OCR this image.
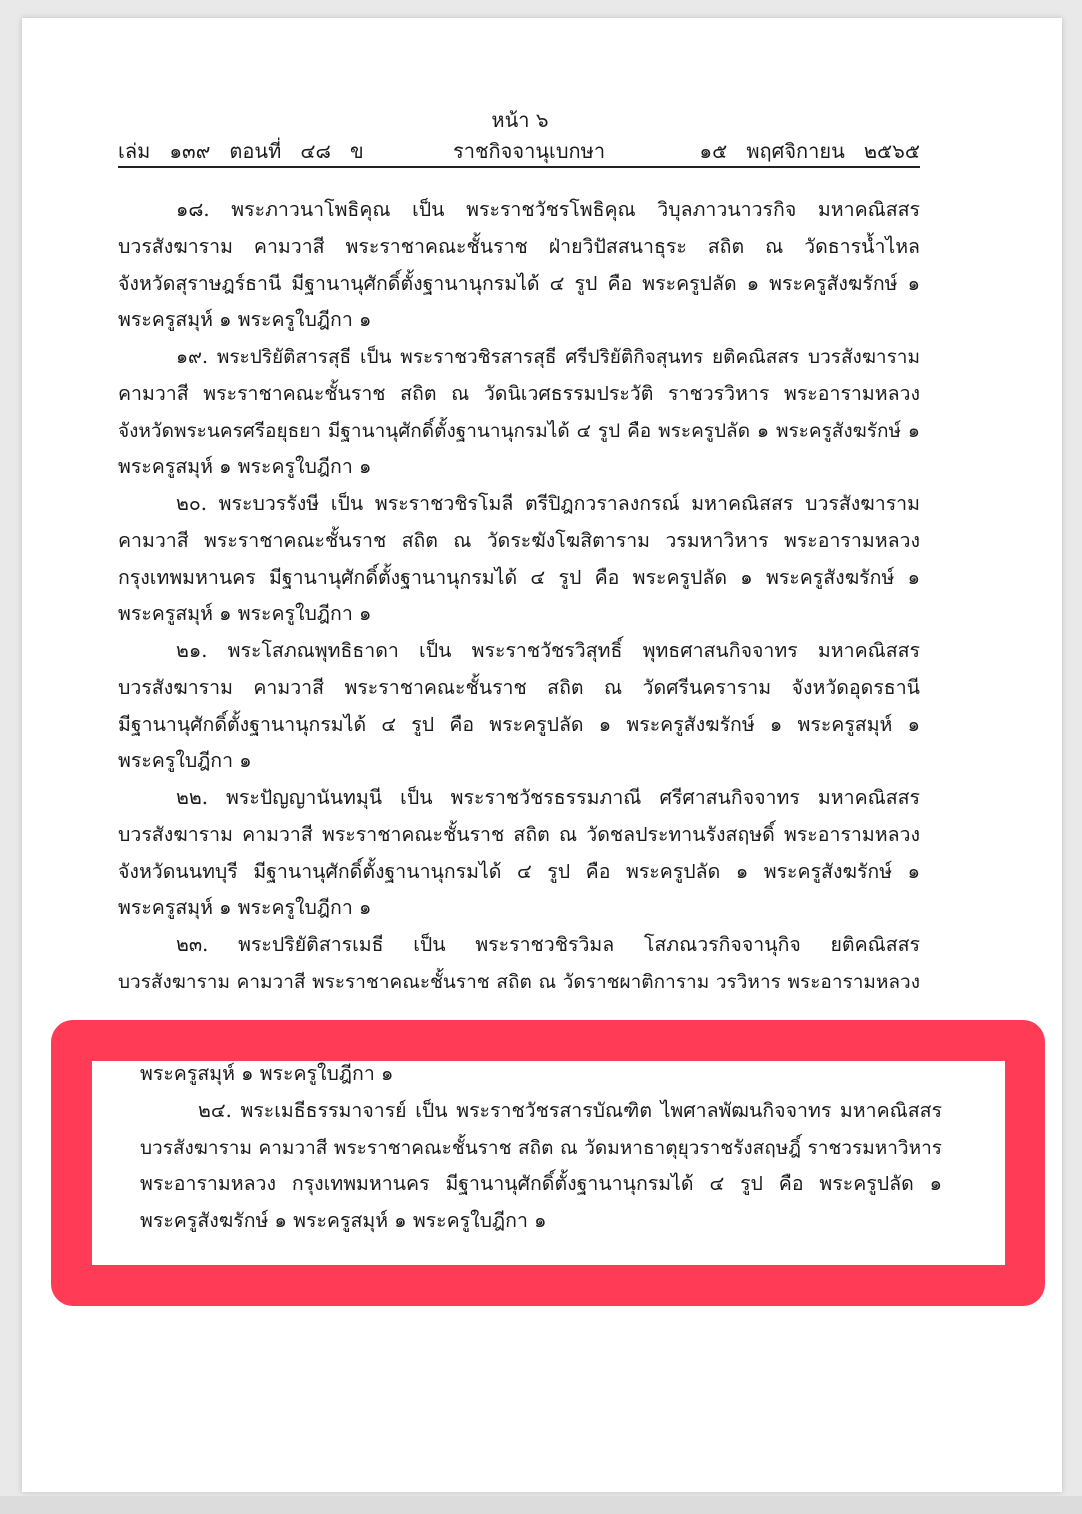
หน้า ๖
เล่ม   ๑๓๙   ตอนที่   ๔๘   ข	ราชกิจจานุเบกษา	๑๕   พฤศจิกายน   ๒๕๖๕
๑๘. พระภาวนาโพธิคุณ เป็น พระราชวัชรโพธิคุณ วิบุลภาวนาวรกิจ มหาคณิสสร
บวรสังฆาราม คามวาสี พระราชาคณะชั้นราช ฝ่ายวิปัสสนาธุระ สถิต ณ วัดธารน้ำไหล
จังหวัดสุราษฎร์ธานี มีฐานานุศักดิ์ตั้งฐานานุกรมได้ ๔ รูป คือ พระครูปลัด ๑ พระครูสังฆรักษ์ ๑
พระครูสมุห์ ๑ พระครูใบฎีกา ๑
๑๙. พระปริยัติสารสุธี เป็น พระราชวชิรสารสุธี ศรีปริยัติกิจสุนทร ยติคณิสสร บวรสังฆาราม
คามวาสี พระราชาคณะชั้นราช สถิต ณ วัดนิเวศธรรมประวัติ ราชวรวิหาร พระอารามหลวง
จังหวัดพระนครศรีอยุธยา มีฐานานุศักดิ์ตั้งฐานานุกรมได้ ๔ รูป คือ พระครูปลัด ๑ พระครูสังฆรักษ์ ๑
พระครูสมุห์ ๑ พระครูใบฎีกา ๑
๒๐. พระบวรรังษี เป็น พระราชวชิรโมลี ตรีปิฎกวราลงกรณ์ มหาคณิสสร บวรสังฆาราม
คามวาสี พระราชาคณะชั้นราช สถิต ณ วัดระฆังโฆสิตาราม วรมหาวิหาร พระอารามหลวง
กรุงเทพมหานคร มีฐานานุศักดิ์ตั้งฐานานุกรมได้ ๔ รูป คือ พระครูปลัด ๑ พระครูสังฆรักษ์ ๑
พระครูสมุห์ ๑ พระครูใบฎีกา ๑
๒๑. พระโสภณพุทธิธาดา เป็น พระราชวัชรวิสุทธิ์ พุทธศาสนกิจจาทร มหาคณิสสร
บวรสังฆาราม คามวาสี พระราชาคณะชั้นราช สถิต ณ วัดศรีนคราราม จังหวัดอุดรธานี
มีฐานานุศักดิ์ตั้งฐานานุกรมได้ ๔ รูป คือ พระครูปลัด ๑ พระครูสังฆรักษ์ ๑ พระครูสมุห์ ๑
พระครูใบฎีกา ๑
๒๒. พระปัญญานันทมุนี เป็น พระราชวัชรธรรมภาณี ศรีศาสนกิจจาทร มหาคณิสสร
บวรสังฆาราม คามวาสี พระราชาคณะชั้นราช สถิต ณ วัดชลประทานรังสฤษดิ์ พระอารามหลวง
จังหวัดนนทบุรี มีฐานานุศักดิ์ตั้งฐานานุกรมได้ ๔ รูป คือ พระครูปลัด ๑ พระครูสังฆรักษ์ ๑
พระครูสมุห์ ๑ พระครูใบฎีกา ๑
๒๓. พระปริยัติสารเมธี เป็น พระราชวชิรวิมล โสภณวรกิจจานุกิจ ยติคณิสสร
บวรสังฆาราม คามวาสี พระราชาคณะชั้นราช สถิต ณ วัดราชผาติการาม วรวิหาร พระอารามหลวง
พระครูสมุห์ ๑ พระครูใบฎีกา ๑
๒๔. พระเมธีธรรมาจารย์ เป็น พระราชวัชรสารบัณฑิต ไพศาลพัฒนกิจจาทร มหาคณิสสร
บวรสังฆาราม คามวาสี พระราชาคณะชั้นราช สถิต ณ วัดมหาธาตุยุวราชรังสฤษฎิ์ ราชวรมหาวิหาร
พระอารามหลวง กรุงเทพมหานคร มีฐานานุศักดิ์ตั้งฐานานุกรมได้ ๔ รูป คือ พระครูปลัด ๑
พระครูสังฆรักษ์ ๑ พระครูสมุห์ ๑ พระครูใบฎีกา ๑
